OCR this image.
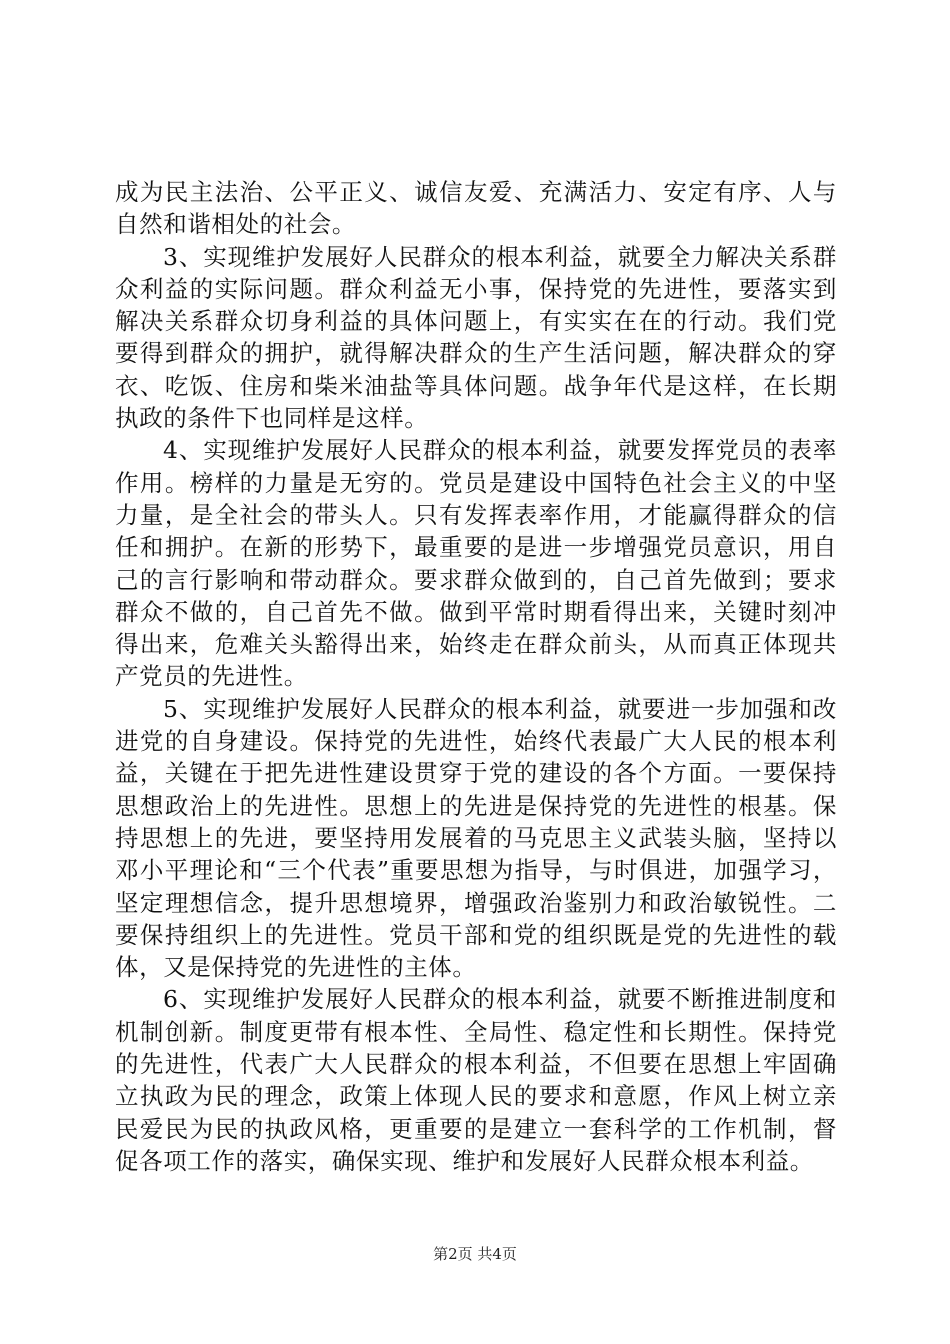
成为民主法治、公平正义、诚信友爱、充满活力、安定有序、人与自然和谐相处的社会。

3、实现维护发展好人民群众的根本利益，就要全力解决关系群众利益的实际问题。群众利益无小事，保持党的先进性，要落实到解决关系群众切身利益的具体问题上，有实实在在的行动。我们党要得到群众的拥护，就得解决群众的生产生活问题，解决群众的穿衣、吃饭、住房和柴米油盐等具体问题。战争年代是这样，在长期执政的条件下也同样是这样。

4、实现维护发展好人民群众的根本利益，就要发挥党员的表率作用。榜样的力量是无穷的。党员是建设中国特色社会主义的中坚力量，是全社会的带头人。只有发挥表率作用，才能赢得群众的信任和拥护。在新的形势下，最重要的是进一步增强党员意识，用自己的言行影响和带动群众。要求群众做到的，自己首先做到；要求群众不做的，自己首先不做。做到平常时期看得出来，关键时刻冲得出来，危难关头豁得出来，始终走在群众前头，从而真正体现共产党员的先进性。

5、实现维护发展好人民群众的根本利益，就要进一步加强和改进党的自身建设。保持党的先进性，始终代表最广大人民的根本利益，关键在于把先进性建设贯穿于党的建设的各个方面。一要保持思想政治上的先进性。思想上的先进是保持党的先进性的根基。保持思想上的先进，要坚持用发展着的马克思主义武装头脑，坚持以邓小平理论和“三个代表”重要思想为指导，与时俱进，加强学习，坚定理想信念，提升思想境界，增强政治鉴别力和政治敏锐性。二要保持组织上的先进性。党员干部和党的组织既是党的先进性的载体，又是保持党的先进性的主体。

6、实现维护发展好人民群众的根本利益，就要不断推进制度和机制创新。制度更带有根本性、全局性、稳定性和长期性。保持党的先进性，代表广大人民群众的根本利益，不但要在思想上牢固确立执政为民的理念，政策上体现人民的要求和意愿，作风上树立亲民爱民为民的执政风格，更重要的是建立一套科学的工作机制，督促各项工作的落实，确保实现、维护和发展好人民群众根本利益。

第2页 共4页
